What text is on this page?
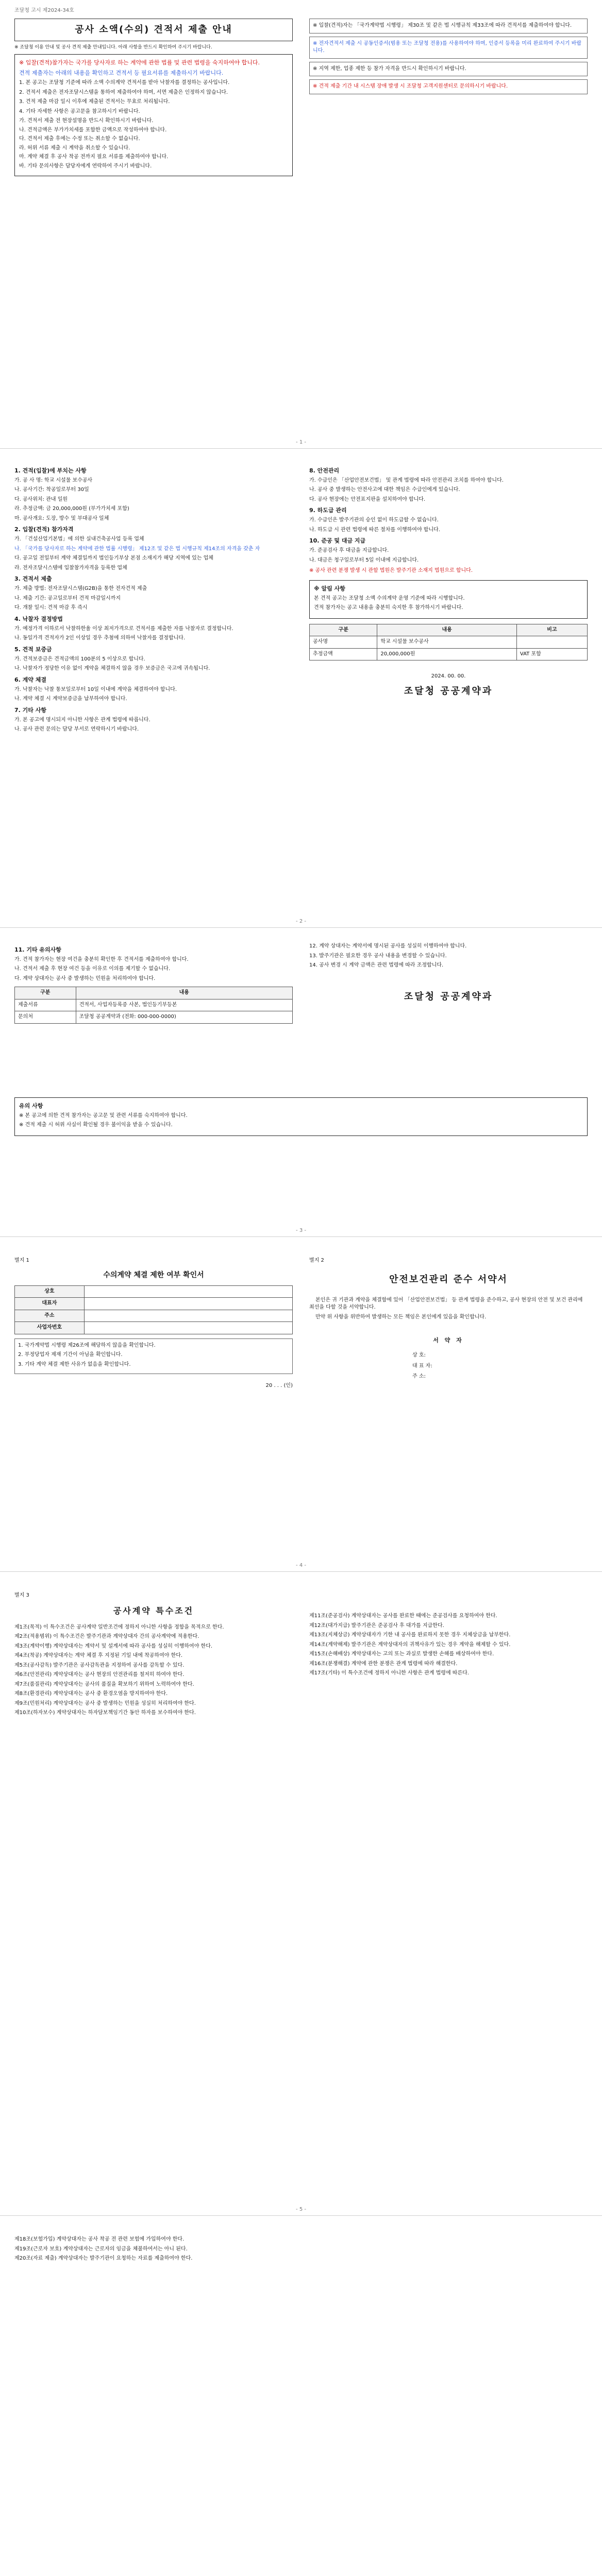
조달청 고시 제2024-34호
공사 소액(수의) 견적서 제출 안내
※ 조달청 이용 안내 및 공사 견적 제출 안내입니다. 아래 사항을 반드시 확인하여 주시기 바랍니다.
※ 입찰(견적)참가자는 국가를 당사자로 하는 계약에 관한 법률 및 관련 법령을 숙지하여야 합니다.
견적 제출자는 아래의 내용을 확인하고 견적서 등 필요서류를 제출하시기 바랍니다.
1. 본 공고는 조달청 기준에 따라 소액 수의계약 견적서를 받아 낙찰자를 결정하는 공사입니다.
2. 견적서 제출은 전자조달시스템을 통하여 제출하여야 하며, 서면 제출은 인정하지 않습니다.
3. 견적 제출 마감 일시 이후에 제출된 견적서는 무효로 처리됩니다.
4. 기타 자세한 사항은 공고문을 참고하시기 바랍니다.
가. 견적서 제출 전 현장설명을 반드시 확인하시기 바랍니다.
나. 견적금액은 부가가치세를 포함한 금액으로 작성하여야 합니다.
다. 견적서 제출 후에는 수정 또는 취소할 수 없습니다.
라. 허위 서류 제출 시 계약을 취소할 수 있습니다.
마. 계약 체결 후 공사 착공 전까지 필요 서류를 제출하여야 합니다.
바. 기타 문의사항은 담당자에게 연락하여 주시기 바랍니다.
※ 입찰(견적)자는 「국가계약법 시행령」 제30조 및 같은 법 시행규칙 제33조에 따라 견적서를 제출하여야 합니다.
※ 전자견적서 제출 시 공동인증서(범용 또는 조달청 전용)를 사용하여야 하며, 인증서 등록을 미리 완료하여 주시기 바랍니다.
※ 지역 제한, 업종 제한 등 참가 자격을 반드시 확인하시기 바랍니다.
※ 견적 제출 기간 내 시스템 장애 발생 시 조달청 고객지원센터로 문의하시기 바랍니다.
- 1 -
1. 견적(입찰)에 부치는 사항
가. 공 사 명: 학교 시설물 보수공사
나. 공사기간: 착공일로부터 30일
다. 공사위치: 관내 일원
라. 추정금액: 금 20,000,000원 (부가가치세 포함)
마. 공사개요: 도장, 방수 및 부대공사 일체
2. 입찰(견적) 참가자격
가. 「건설산업기본법」에 의한 실내건축공사업 등록 업체
나. 「국가를 당사자로 하는 계약에 관한 법률 시행령」 제12조 및 같은 법 시행규칙 제14조의 자격을 갖춘 자
다. 공고일 전일부터 계약 체결일까지 법인등기부상 본점 소재지가 해당 지역에 있는 업체
라. 전자조달시스템에 입찰참가자격을 등록한 업체
3. 견적서 제출
가. 제출 방법: 전자조달시스템(G2B)을 통한 전자견적 제출
나. 제출 기간: 공고일로부터 견적 마감일시까지
다. 개찰 일시: 견적 마감 후 즉시
4. 낙찰자 결정방법
가. 예정가격 이하로서 낙찰하한율 이상 최저가격으로 견적서를 제출한 자를 낙찰자로 결정합니다.
나. 동일가격 견적자가 2인 이상일 경우 추첨에 의하여 낙찰자를 결정합니다.
5. 견적 보증금
가. 견적보증금은 견적금액의 100분의 5 이상으로 합니다.
나. 낙찰자가 정당한 이유 없이 계약을 체결하지 않을 경우 보증금은 국고에 귀속됩니다.
6. 계약 체결
가. 낙찰자는 낙찰 통보일로부터 10일 이내에 계약을 체결하여야 합니다.
나. 계약 체결 시 계약보증금을 납부하여야 합니다.
7. 기타 사항
가. 본 공고에 명시되지 아니한 사항은 관계 법령에 따릅니다.
나. 공사 관련 문의는 담당 부서로 연락하시기 바랍니다.
8. 안전관리
가. 수급인은 「산업안전보건법」 및 관계 법령에 따라 안전관리 조치를 하여야 합니다.
나. 공사 중 발생하는 안전사고에 대한 책임은 수급인에게 있습니다.
다. 공사 현장에는 안전표지판을 설치하여야 합니다.
9. 하도급 관리
가. 수급인은 발주기관의 승인 없이 하도급할 수 없습니다.
나. 하도급 시 관련 법령에 따른 절차를 이행하여야 합니다.
10. 준공 및 대금 지급
가. 준공검사 후 대금을 지급합니다.
나. 대금은 청구일로부터 5일 이내에 지급합니다.
※ 공사 관련 분쟁 발생 시 관할 법원은 발주기관 소재지 법원으로 합니다.
※ 알림 사항
본 견적 공고는 조달청 소액 수의계약 운영 기준에 따라 시행합니다.
견적 참가자는 공고 내용을 충분히 숙지한 후 참가하시기 바랍니다.
구분	내용	비고
공사명	학교 시설물 보수공사	
추정금액	20,000,000원	VAT 포함
2024. 00. 00.
조달청 공공계약과
- 2 -
11. 기타 유의사항
가. 견적 참가자는 현장 여건을 충분히 확인한 후 견적서를 제출하여야 합니다.
나. 견적서 제출 후 현장 여건 등을 이유로 이의를 제기할 수 없습니다.
다. 계약 상대자는 공사 중 발생하는 민원을 처리하여야 합니다.
구분	내용
제출서류	견적서, 사업자등록증 사본, 법인등기부등본
문의처	조달청 공공계약과 (전화: 000-000-0000)
12. 계약 상대자는 계약서에 명시된 공사를 성실히 이행하여야 합니다.
13. 발주기관은 필요한 경우 공사 내용을 변경할 수 있습니다.
14. 공사 변경 시 계약 금액은 관련 법령에 따라 조정합니다.
조달청 공공계약과
유의 사항
※ 본 공고에 의한 견적 참가자는 공고문 및 관련 서류를 숙지하여야 합니다.
※ 견적 제출 시 허위 사실이 확인될 경우 불이익을 받을 수 있습니다.
- 3 -
별지 1
수의계약 체결 제한 여부 확인서
상호	
대표자	
주소	
사업자번호	
1. 국가계약법 시행령 제26조에 해당하지 않음을 확인합니다.
2. 부정당업자 제재 기간이 아님을 확인합니다.
3. 기타 계약 체결 제한 사유가 없음을 확인합니다.
20 . . . (인)
별지 2
안전보건관리 준수 서약서
본인은 귀 기관과 계약을 체결함에 있어 「산업안전보건법」 등 관계 법령을 준수하고, 공사 현장의 안전 및 보건 관리에 최선을 다할 것을 서약합니다.
만약 위 사항을 위반하여 발생하는 모든 책임은 본인에게 있음을 확인합니다.
서 약 자
상 호:
대 표 자:
주 소:
- 4 -
별지 3
공사계약 특수조건
제1조(목적) 이 특수조건은 공사계약 일반조건에 정하지 아니한 사항을 정함을 목적으로 한다.
제2조(적용범위) 이 특수조건은 발주기관과 계약상대자 간의 공사계약에 적용한다.
제3조(계약이행) 계약상대자는 계약서 및 설계서에 따라 공사를 성실히 이행하여야 한다.
제4조(착공) 계약상대자는 계약 체결 후 지정된 기일 내에 착공하여야 한다.
제5조(공사감독) 발주기관은 공사감독관을 지정하여 공사를 감독할 수 있다.
제6조(안전관리) 계약상대자는 공사 현장의 안전관리를 철저히 하여야 한다.
제7조(품질관리) 계약상대자는 공사의 품질을 확보하기 위하여 노력하여야 한다.
제8조(환경관리) 계약상대자는 공사 중 환경오염을 방지하여야 한다.
제9조(민원처리) 계약상대자는 공사 중 발생하는 민원을 성실히 처리하여야 한다.
제10조(하자보수) 계약상대자는 하자담보책임기간 동안 하자를 보수하여야 한다.
제11조(준공검사) 계약상대자는 공사를 완료한 때에는 준공검사를 요청하여야 한다.
제12조(대가지급) 발주기관은 준공검사 후 대가를 지급한다.
제13조(지체상금) 계약상대자가 기한 내 공사를 완료하지 못한 경우 지체상금을 납부한다.
제14조(계약해제) 발주기관은 계약상대자의 귀책사유가 있는 경우 계약을 해제할 수 있다.
제15조(손해배상) 계약상대자는 고의 또는 과실로 발생한 손해를 배상하여야 한다.
제16조(분쟁해결) 계약에 관한 분쟁은 관계 법령에 따라 해결한다.
제17조(기타) 이 특수조건에 정하지 아니한 사항은 관계 법령에 따른다.
- 5 -
제18조(보험가입) 계약상대자는 공사 착공 전 관련 보험에 가입하여야 한다.
제19조(근로자 보호) 계약상대자는 근로자의 임금을 체불하여서는 아니 된다.
제20조(자료 제출) 계약상대자는 발주기관이 요청하는 자료를 제출하여야 한다.
